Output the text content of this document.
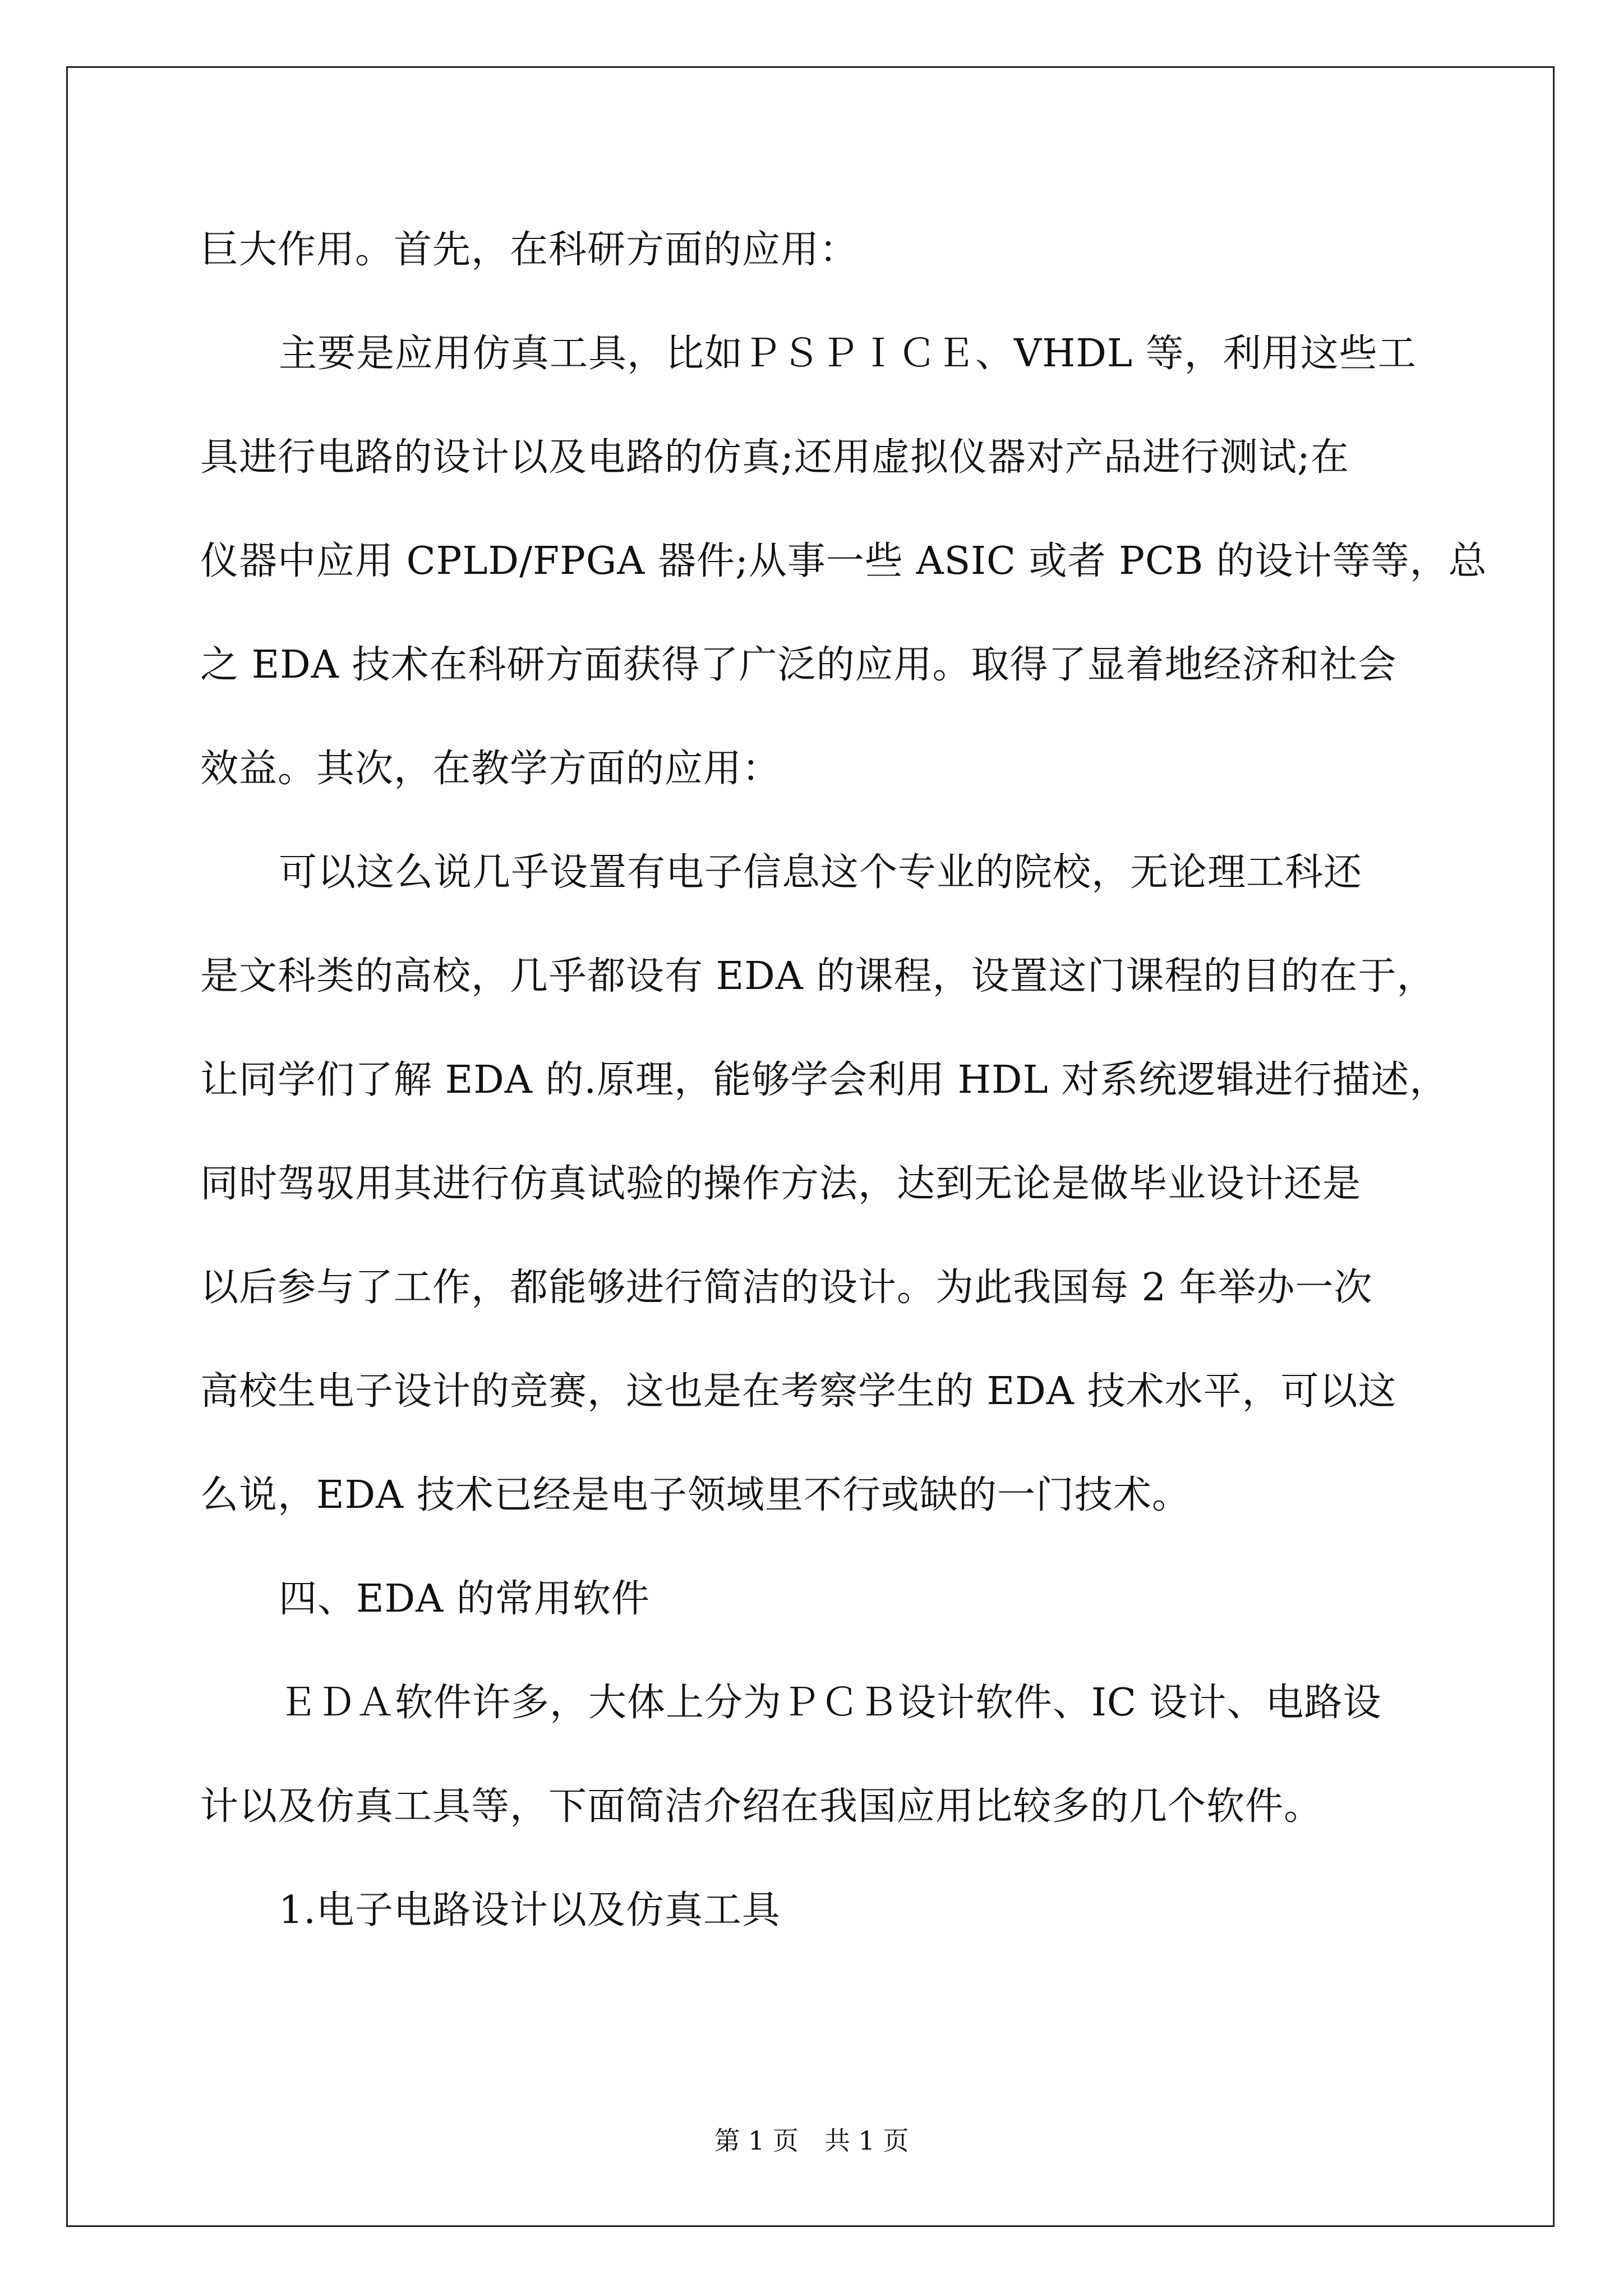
巨大作用。首先，在科研方面的应用：
主要是应用仿真工具，比如ＰＳＰＩＣＥ、VHDL 等，利用这些工
具进行电路的设计以及电路的仿真;还用虚拟仪器对产品进行测试;在
仪器中应用 CPLD/FPGA 器件;从事一些 ASIC 或者 PCB 的设计等等，总
之 EDA 技术在科研方面获得了广泛的应用。取得了显着地经济和社会
效益。其次，在教学方面的应用：
可以这么说几乎设置有电子信息这个专业的院校，无论理工科还
是文科类的高校，几乎都设有 EDA 的课程，设置这门课程的目的在于，
让同学们了解 EDA 的.原理，能够学会利用 HDL 对系统逻辑进行描述，
同时驾驭用其进行仿真试验的操作方法，达到无论是做毕业设计还是
以后参与了工作，都能够进行简洁的设计。为此我国每 2 年举办一次
高校生电子设计的竞赛，这也是在考察学生的 EDA 技术水平，可以这
么说，EDA 技术已经是电子领域里不行或缺的一门技术。
四、EDA 的常用软件
ＥＤＡ软件许多，大体上分为ＰＣＢ设计软件、IC 设计、电路设
计以及仿真工具等，下面简洁介绍在我国应用比较多的几个软件。
1.电子电路设计以及仿真工具
第 1 页　共 1 页
